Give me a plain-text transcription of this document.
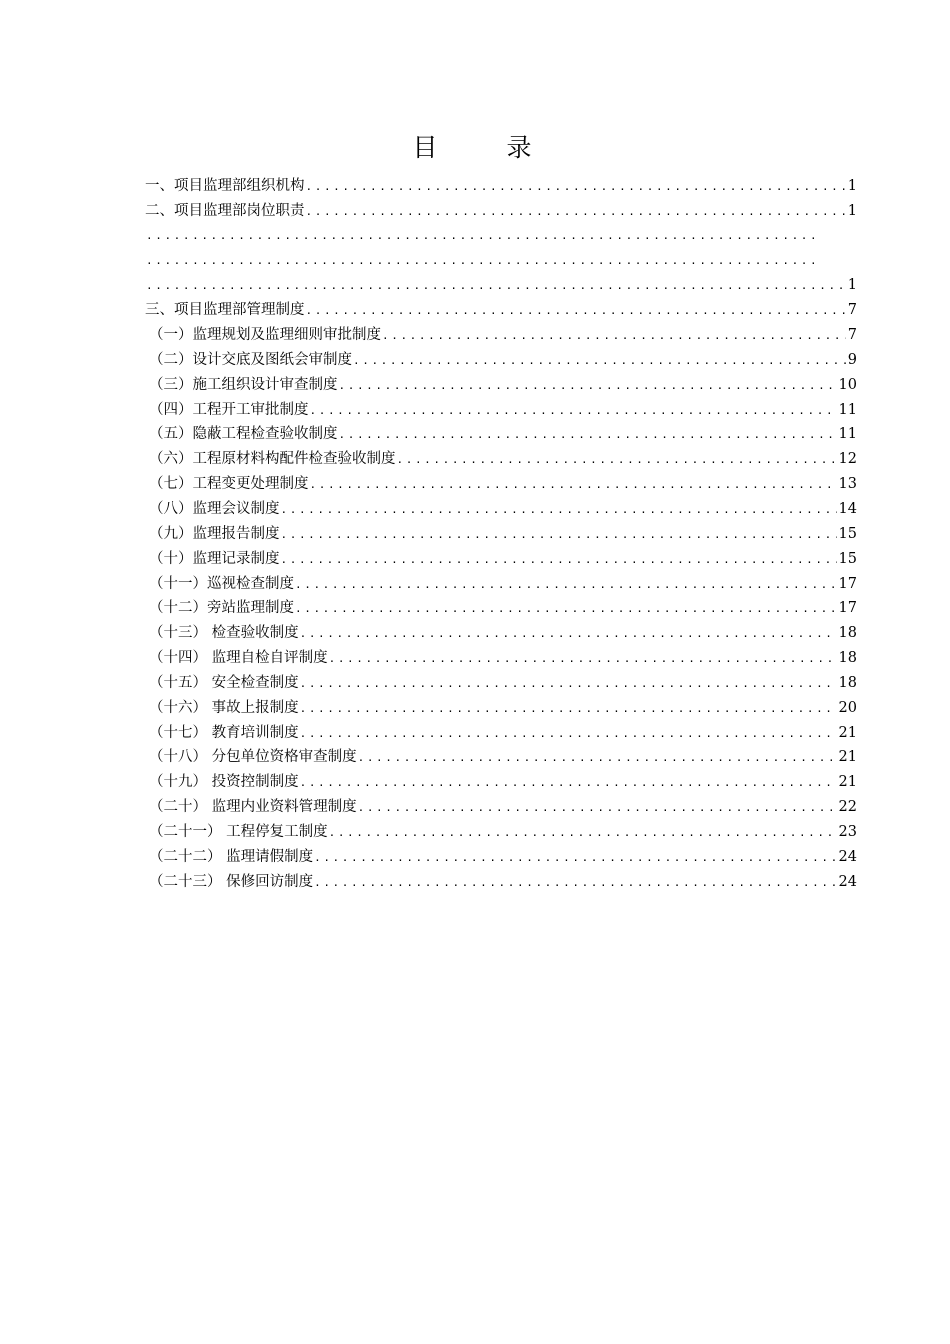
目　录
一、项目监理部组织机构 .....	1
二、项目监理部岗位职责 .....	1
.....
.....
.....
1
三、项目监理部管理制度 .....	7
（一）监理规划及监理细则审批制度 .....	7
（二）设计交底及图纸会审制度 .....	9
（三）施工组织设计审查制度 .....	10
（四）工程开工审批制度 .....	11
（五）隐蔽工程检查验收制度 .....	11
（六）工程原材料构配件检查验收制度 .....	12
（七）工程变更处理制度 .....	13
（八）监理会议制度 .....	14
（九）监理报告制度 .....	15
（十）监理记录制度 .....	15
（十一）巡视检查制度 .....	17
（十二）旁站监理制度 .....	17
（十三） 检查验收制度 .....	18
（十四） 监理自检自评制度 .....	18
（十五） 安全检查制度 .....	18
（十六） 事故上报制度 .....	20
（十七） 教育培训制度 .....	21
（十八） 分包单位资格审查制度 .....	21
（十九） 投资控制制度 .....	21
（二十） 监理内业资料管理制度 .....	22
（二十一） 工程停复工制度 .....	23
（二十二） 监理请假制度 .....	24
（二十三） 保修回访制度 .....	24
